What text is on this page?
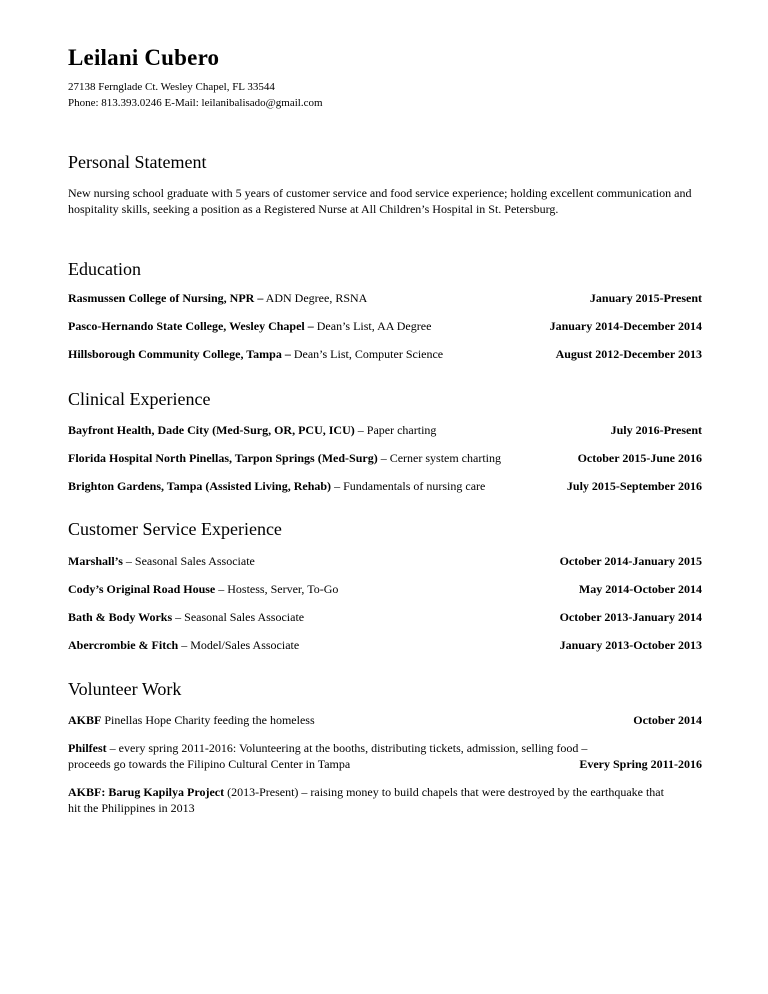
Leilani Cubero
27138 Fernglade Ct. Wesley Chapel, FL 33544
Phone: 813.393.0246 E-Mail: leilanibalisado@gmail.com
Personal Statement
New nursing school graduate with 5 years of customer service and food service experience; holding excellent communication and hospitality skills, seeking a position as a Registered Nurse at All Children’s Hospital in St. Petersburg.
Education
Rasmussen College of Nursing, NPR – ADN Degree, RSNA	January 2015-Present
Pasco-Hernando State College, Wesley Chapel – Dean’s List, AA Degree	January 2014-December 2014
Hillsborough Community College, Tampa – Dean’s List, Computer Science	August 2012-December 2013
Clinical Experience
Bayfront Health, Dade City (Med-Surg, OR, PCU, ICU) – Paper charting	July 2016-Present
Florida Hospital North Pinellas, Tarpon Springs (Med-Surg) – Cerner system charting	October 2015-June 2016
Brighton Gardens, Tampa (Assisted Living, Rehab) – Fundamentals of nursing care	July 2015-September 2016
Customer Service Experience
Marshall’s – Seasonal Sales Associate	October 2014-January 2015
Cody’s Original Road House – Hostess, Server, To-Go	May 2014-October 2014
Bath & Body Works – Seasonal Sales Associate	October 2013-January 2014
Abercrombie & Fitch – Model/Sales Associate	January 2013-October 2013
Volunteer Work
AKBF Pinellas Hope Charity feeding the homeless	October 2014
Philfest – every spring 2011-2016: Volunteering at the booths, distributing tickets, admission, selling food –
proceeds go towards the Filipino Cultural Center in Tampa	Every Spring 2011-2016
AKBF: Barug Kapilya Project (2013-Present) – raising money to build chapels that were destroyed by the earthquake that hit the Philippines in 2013
